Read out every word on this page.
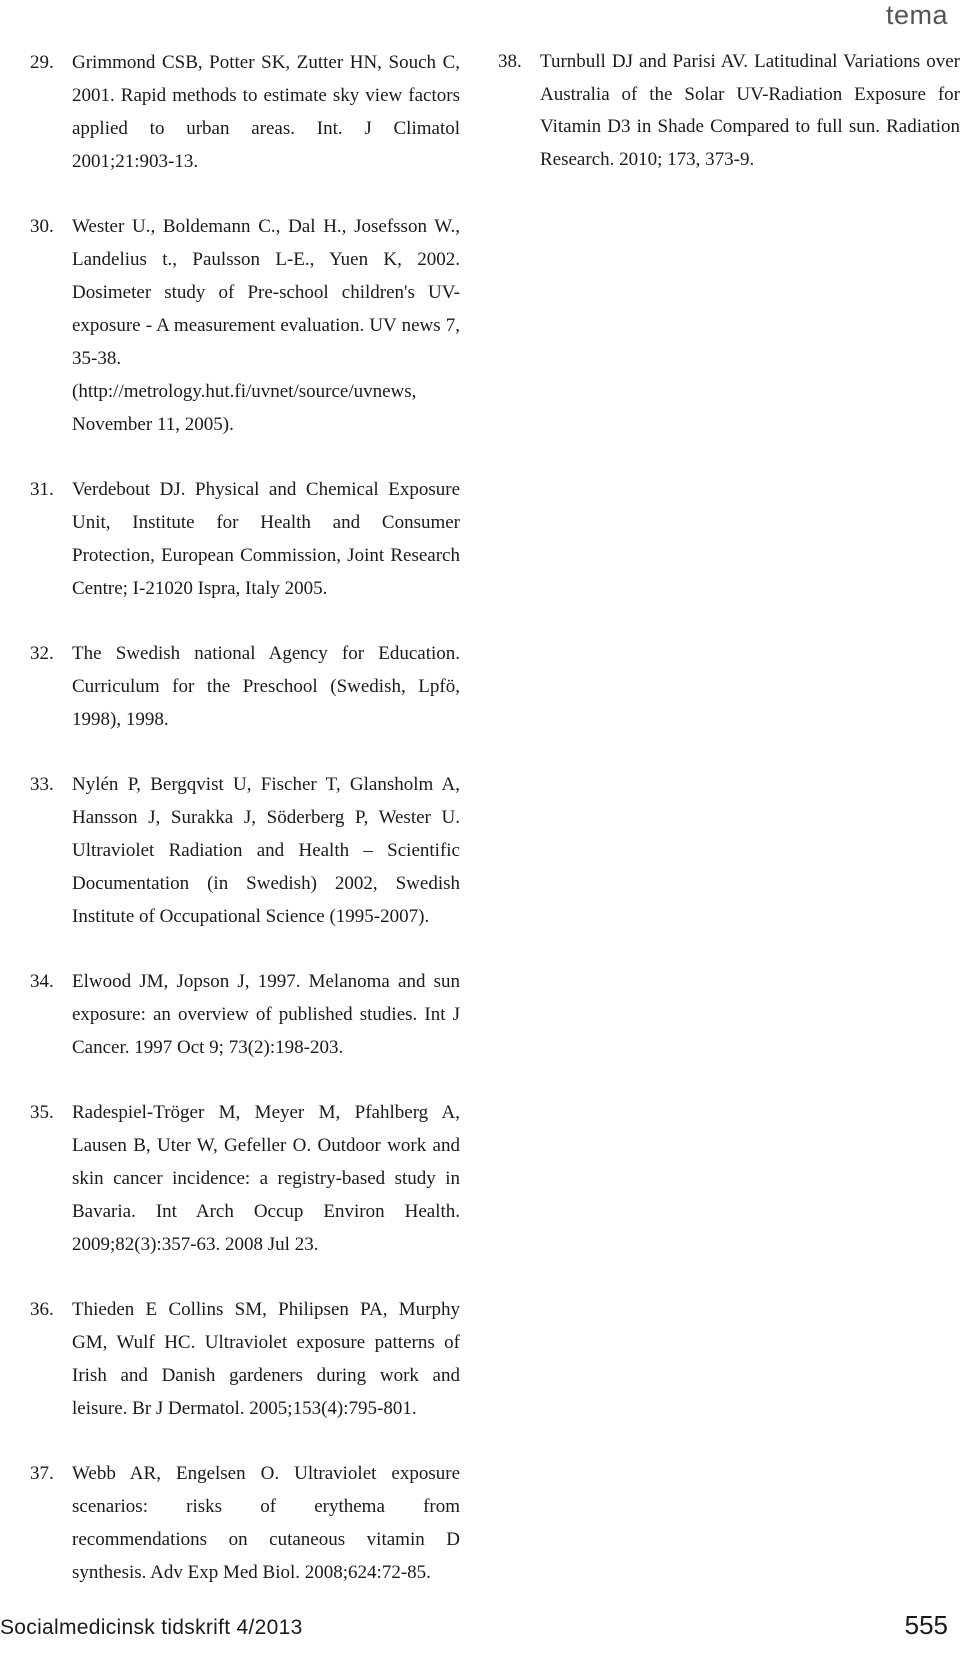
tema
29. Grimmond CSB, Potter SK, Zutter HN, Souch C, 2001. Rapid methods to estimate sky view factors applied to urban areas. Int. J Climatol 2001;21:903-13.
30. Wester U., Boldemann C., Dal H., Josefsson W., Landelius t., Paulsson L-E., Yuen K, 2002. Dosimeter study of Pre-school children's UV-exposure - A measurement evaluation. UV news 7, 35-38. (http://metrology.hut.fi/uvnet/source/uvnews, November 11, 2005).
31. Verdebout DJ. Physical and Chemical Exposure Unit, Institute for Health and Consumer Protection, European Commission, Joint Research Centre; I-21020 Ispra, Italy 2005.
32. The Swedish national Agency for Education. Curriculum for the Preschool (Swedish, Lpfö, 1998), 1998.
33. Nylén P, Bergqvist U, Fischer T, Glansholm A, Hansson J, Surakka J, Söderberg P, Wester U. Ultraviolet Radiation and Health – Scientific Documentation (in Swedish) 2002, Swedish Institute of Occupational Science (1995-2007).
34. Elwood JM, Jopson J, 1997. Melanoma and sun exposure: an overview of published studies. Int J Cancer. 1997 Oct 9; 73(2):198-203.
35. Radespiel-Tröger M, Meyer M, Pfahlberg A, Lausen B, Uter W, Gefeller O. Outdoor work and skin cancer incidence: a registry-based study in Bavaria. Int Arch Occup Environ Health. 2009;82(3):357-63. 2008 Jul 23.
36. Thieden E Collins SM, Philipsen PA, Murphy GM, Wulf HC. Ultraviolet exposure patterns of Irish and Danish gardeners during work and leisure. Br J Dermatol. 2005;153(4):795-801.
37. Webb AR, Engelsen O. Ultraviolet exposure scenarios: risks of erythema from recommendations on cutaneous vitamin D synthesis. Adv Exp Med Biol. 2008;624:72-85.
38. Turnbull DJ and Parisi AV. Latitudinal Variations over Australia of the Solar UV-Radiation Exposure for Vitamin D3 in Shade Compared to full sun. Radiation Research. 2010; 173, 373-9.
Socialmedicinsk tidskrift 4/2013	555
